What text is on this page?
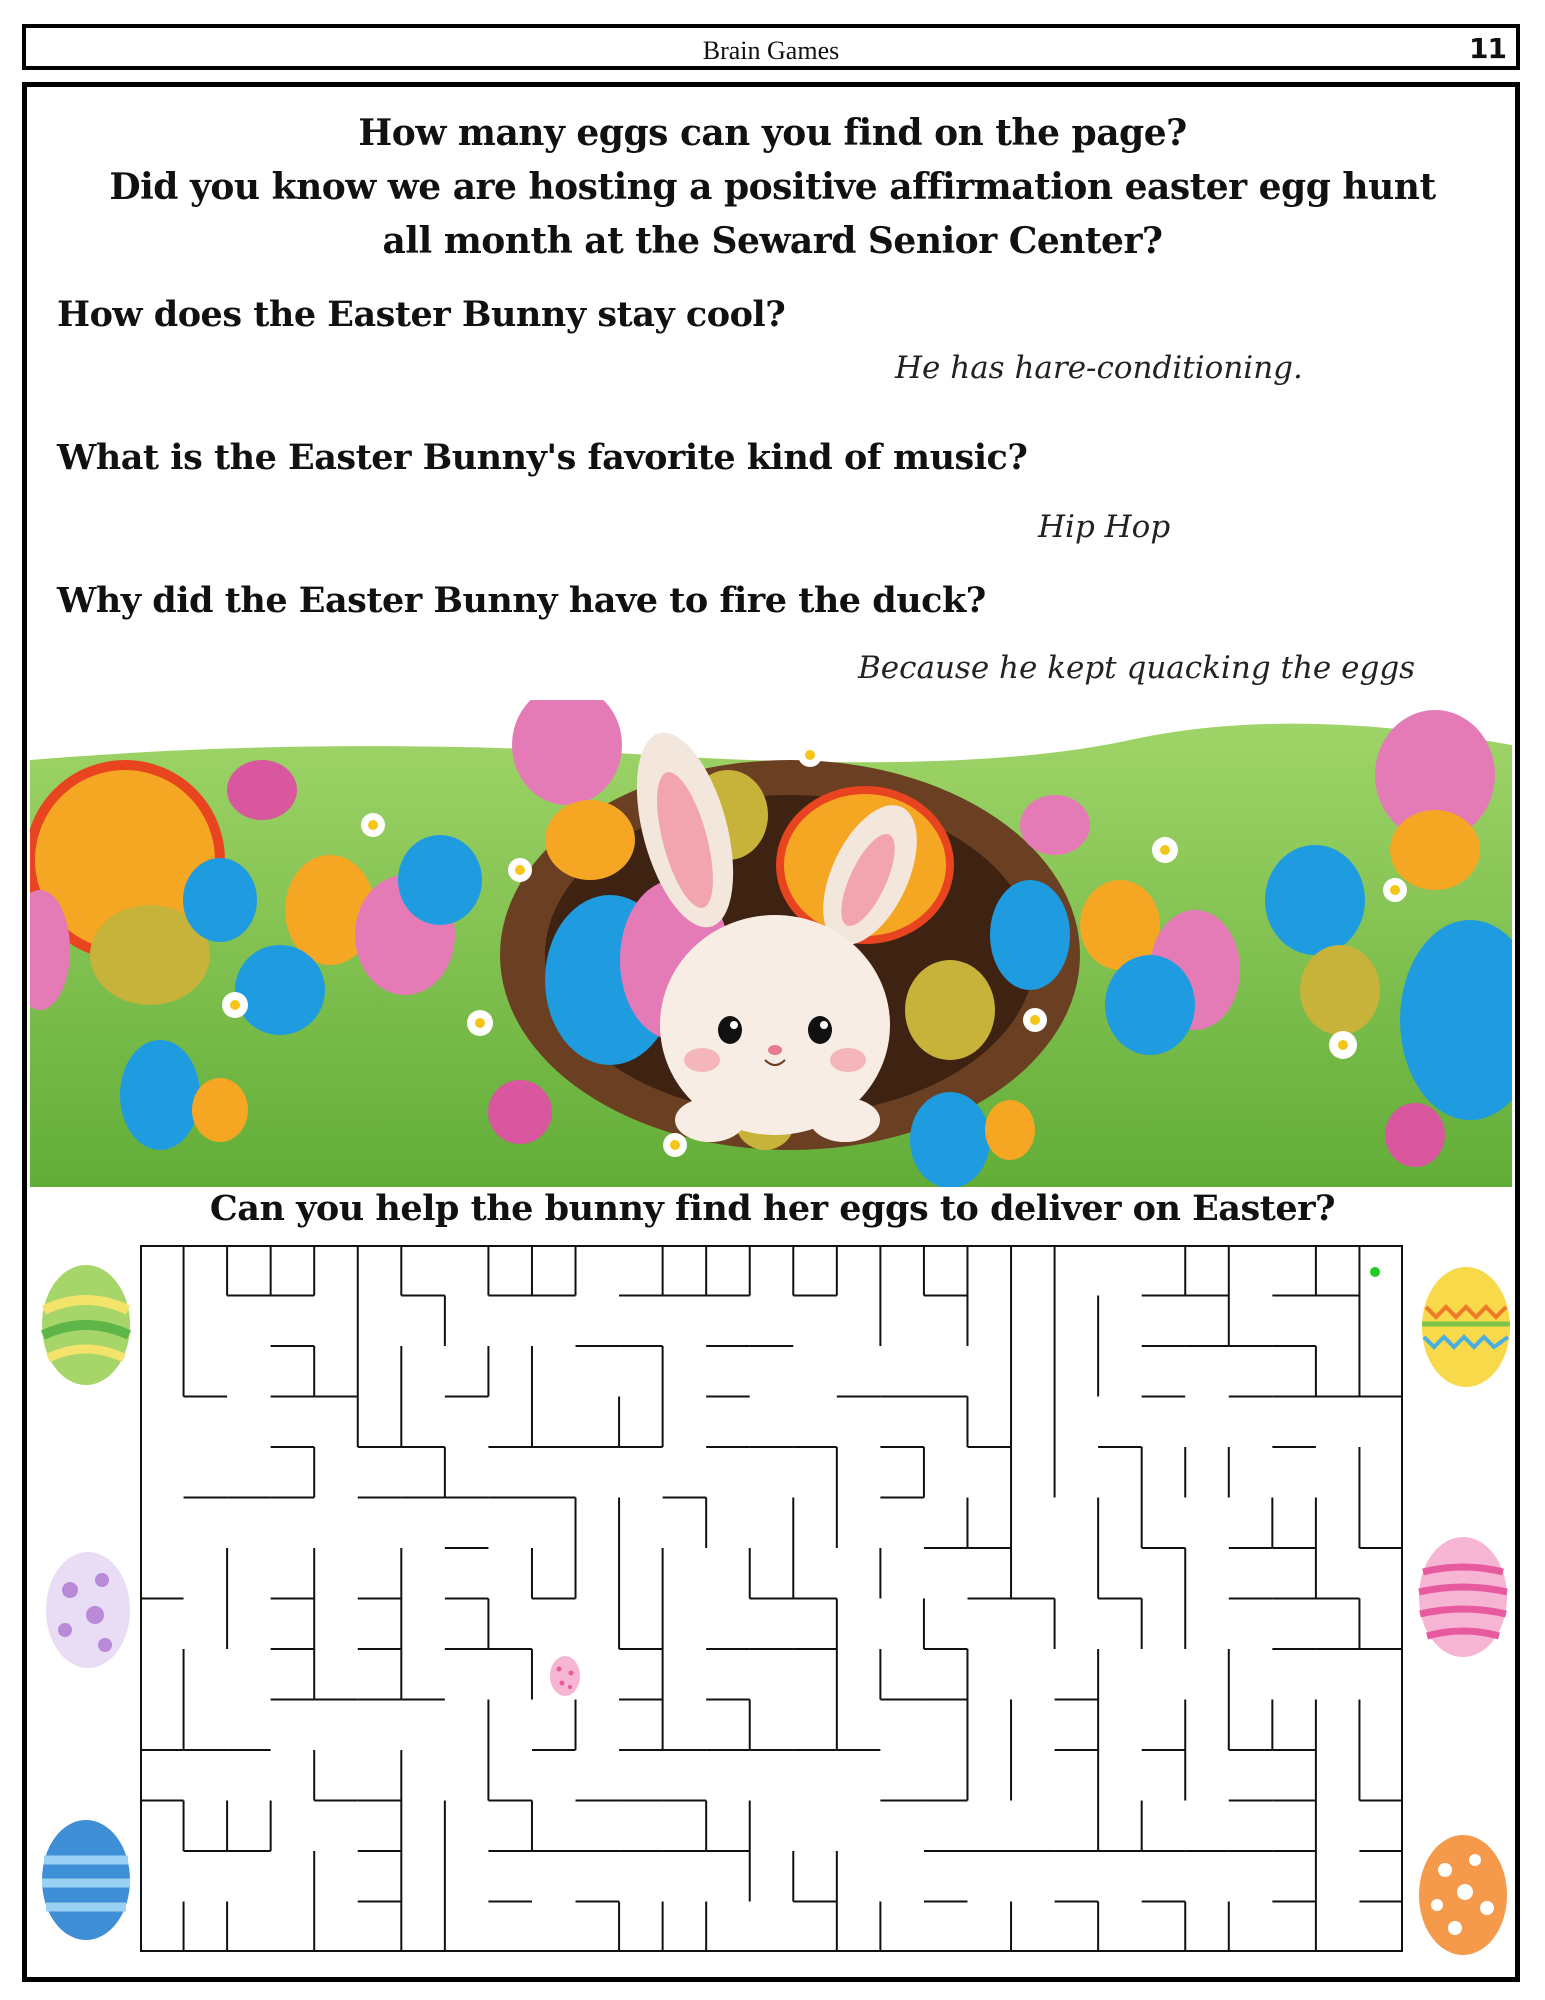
Brain Games	11
How many eggs can you find on the page?
Did you know we are hosting a positive affirmation easter egg hunt
all month at the Seward Senior Center?
How does the Easter Bunny stay cool?
He has hare-conditioning.
What is the Easter Bunny's favorite kind of music?
Hip Hop
Why did the Easter Bunny have to fire the duck?
Because he kept quacking the eggs
Can you help the bunny find her eggs to deliver on Easter?
